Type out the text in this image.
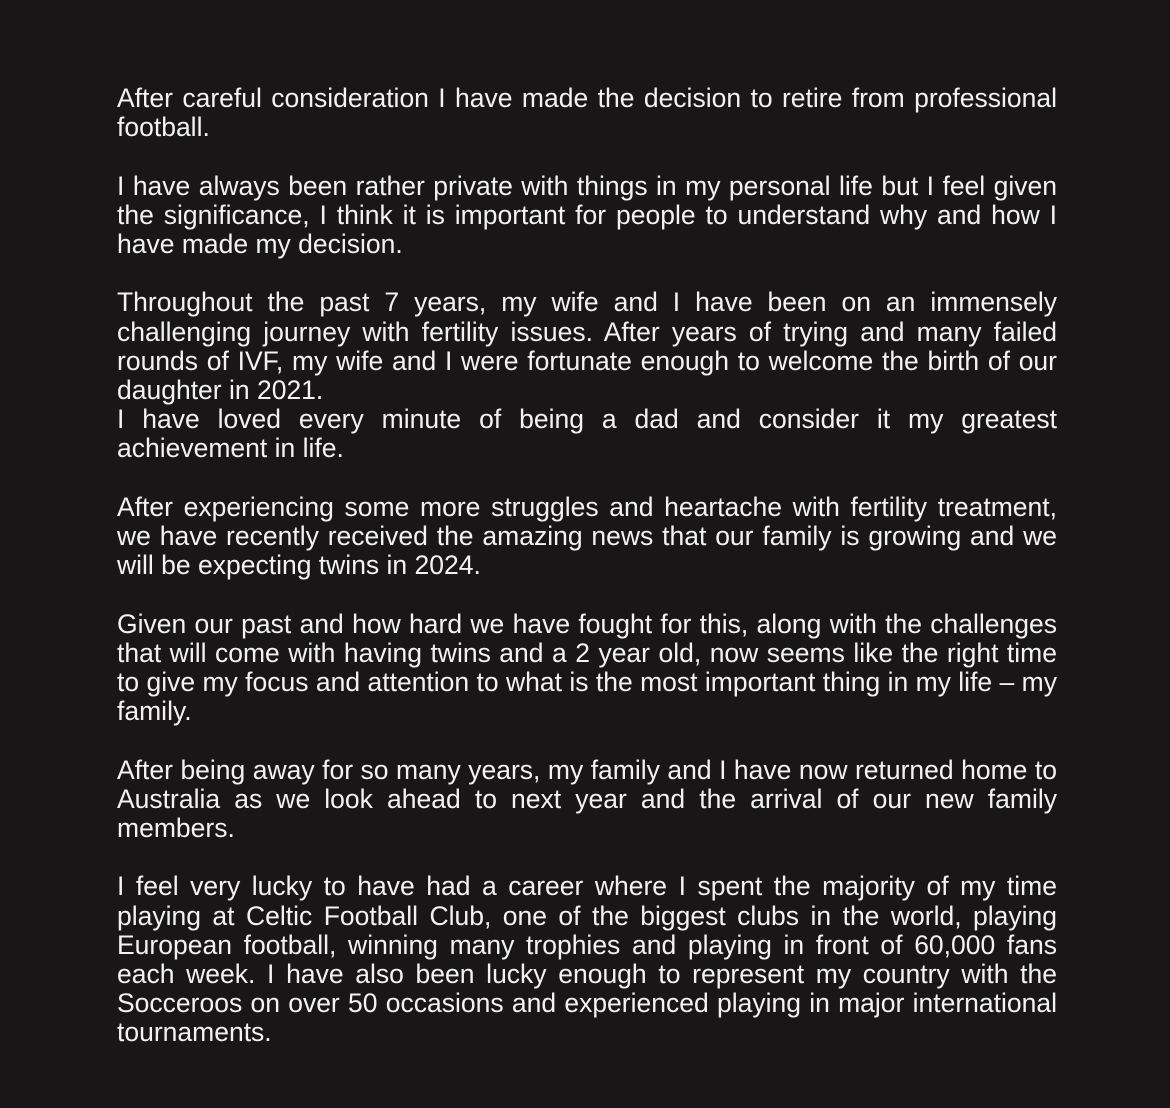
After careful consideration I have made the decision to retire from professional football.

I have always been rather private with things in my personal life but I feel given the significance, I think it is important for people to understand why and how I have made my decision.

Throughout the past 7 years, my wife and I have been on an immensely challenging journey with fertility issues. After years of trying and many failed rounds of IVF, my wife and I were fortunate enough to welcome the birth of our daughter in 2021.
I have loved every minute of being a dad and consider it my greatest achievement in life.

After experiencing some more struggles and heartache with fertility treatment, we have recently received the amazing news that our family is growing and we will be expecting twins in 2024.

Given our past and how hard we have fought for this, along with the challenges that will come with having twins and a 2 year old, now seems like the right time to give my focus and attention to what is the most important thing in my life – my family.

After being away for so many years, my family and I have now returned home to Australia as we look ahead to next year and the arrival of our new family members.

I feel very lucky to have had a career where I spent the majority of my time playing at Celtic Football Club, one of the biggest clubs in the world, playing European football, winning many trophies and playing in front of 60,000 fans each week. I have also been lucky enough to represent my country with the Socceroos on over 50 occasions and experienced playing in major international tournaments.
